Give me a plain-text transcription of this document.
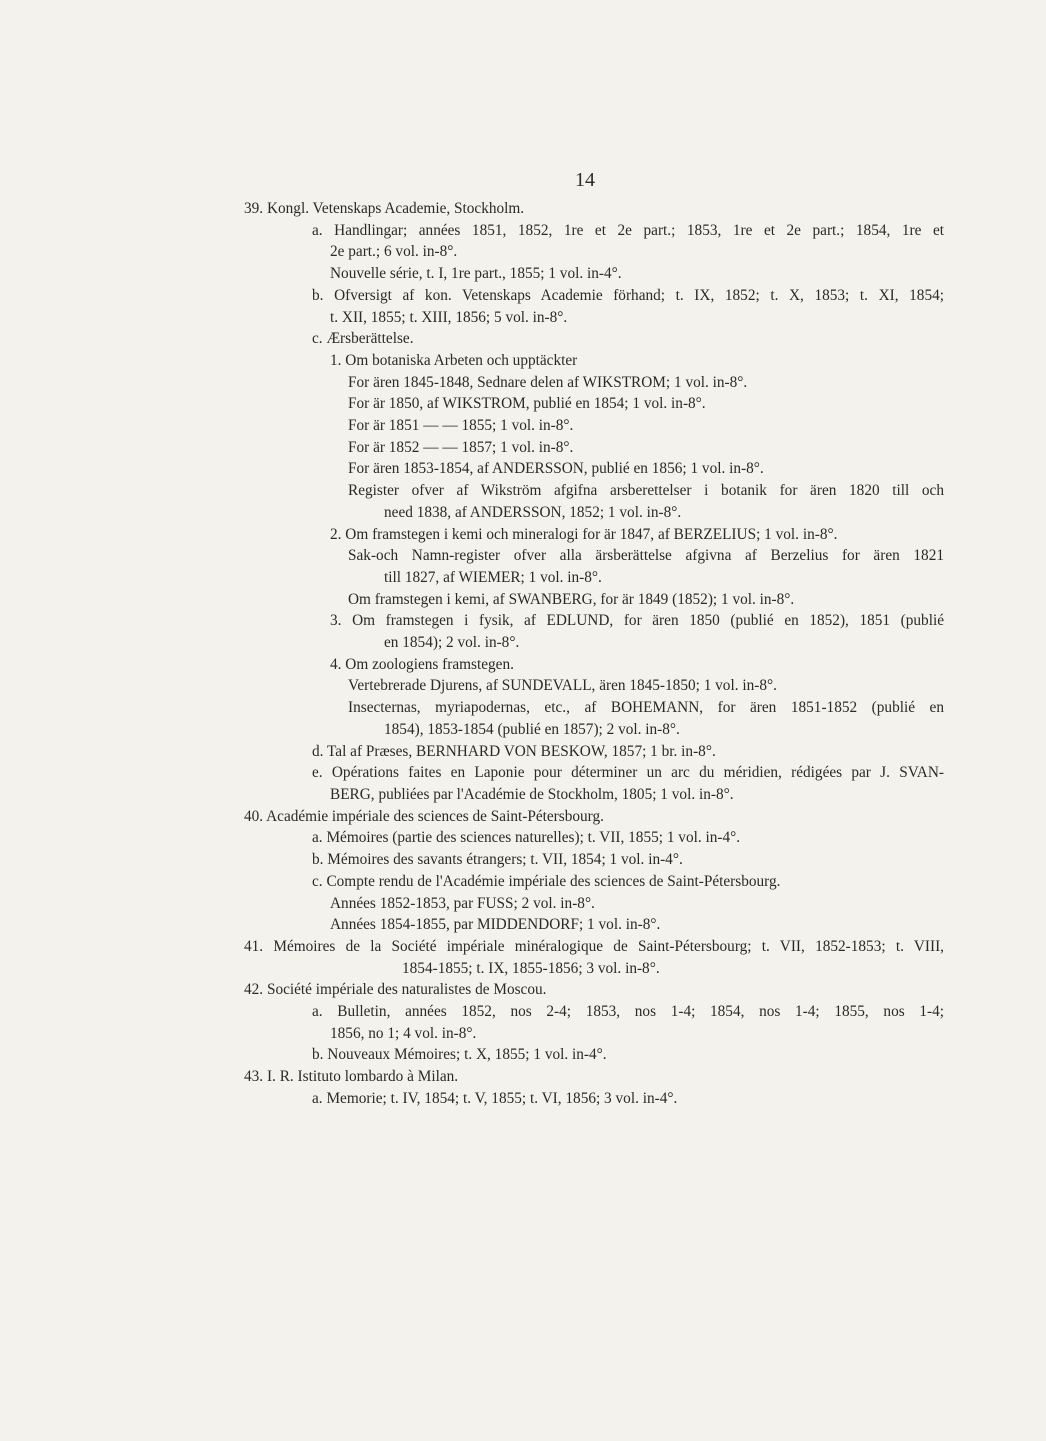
14
39. Kongl. Vetenskaps Academie, Stockholm.
a. Handlingar; années 1851, 1852, 1re et 2e part.; 1853, 1re et 2e part.; 1854, 1re et
2e part.; 6 vol. in-8°.
Nouvelle série, t. I, 1re part., 1855; 1 vol. in-4°.
b. Ofversigt af kon. Vetenskaps Academie förhand; t. IX, 1852; t. X, 1853; t. XI, 1854;
t. XII, 1855; t. XIII, 1856; 5 vol. in-8°.
c. Ærsberättelse.
1. Om botaniska Arbeten och upptäckter
For ären 1845-1848, Sednare delen af WIKSTROM; 1 vol. in-8°.
For är 1850, af WIKSTROM, publié en 1854; 1 vol. in-8°.
For är 1851 — — 1855; 1 vol. in-8°.
For är 1852 — — 1857; 1 vol. in-8°.
For ären 1853-1854, af ANDERSSON, publié en 1856; 1 vol. in-8°.
Register ofver af Wikström afgifna arsberettelser i botanik for ären 1820 till och
need 1838, af ANDERSSON, 1852; 1 vol. in-8°.
2. Om framstegen i kemi och mineralogi for är 1847, af BERZELIUS; 1 vol. in-8°.
Sak-och Namn-register ofver alla ärsberättelse afgivna af Berzelius for ären 1821
till 1827, af WIEMER; 1 vol. in-8°.
Om framstegen i kemi, af SWANBERG, for är 1849 (1852); 1 vol. in-8°.
3. Om framstegen i fysik, af EDLUND, for ären 1850 (publié en 1852), 1851 (publié
en 1854); 2 vol. in-8°.
4. Om zoologiens framstegen.
Vertebrerade Djurens, af SUNDEVALL, ären 1845-1850; 1 vol. in-8°.
Insecternas, myriapodernas, etc., af BOHEMANN, for ären 1851-1852 (publié en
1854), 1853-1854 (publié en 1857); 2 vol. in-8°.
d. Tal af Præses, BERNHARD VON BESKOW, 1857; 1 br. in-8°.
e. Opérations faites en Laponie pour déterminer un arc du méridien, rédigées par J. SVAN-
BERG, publiées par l'Académie de Stockholm, 1805; 1 vol. in-8°.
40. Académie impériale des sciences de Saint-Pétersbourg.
a. Mémoires (partie des sciences naturelles); t. VII, 1855; 1 vol. in-4°.
b. Mémoires des savants étrangers; t. VII, 1854; 1 vol. in-4°.
c. Compte rendu de l'Académie impériale des sciences de Saint-Pétersbourg.
Années 1852-1853, par FUSS; 2 vol. in-8°.
Années 1854-1855, par MIDDENDORF; 1 vol. in-8°.
41. Mémoires de la Société impériale minéralogique de Saint-Pétersbourg; t. VII, 1852-1853; t. VIII,
1854-1855; t. IX, 1855-1856; 3 vol. in-8°.
42. Société impériale des naturalistes de Moscou.
a. Bulletin, années 1852, nos 2-4; 1853, nos 1-4; 1854, nos 1-4; 1855, nos 1-4;
1856, no 1; 4 vol. in-8°.
b. Nouveaux Mémoires; t. X, 1855; 1 vol. in-4°.
43. I. R. Istituto lombardo à Milan.
a. Memorie; t. IV, 1854; t. V, 1855; t. VI, 1856; 3 vol. in-4°.
